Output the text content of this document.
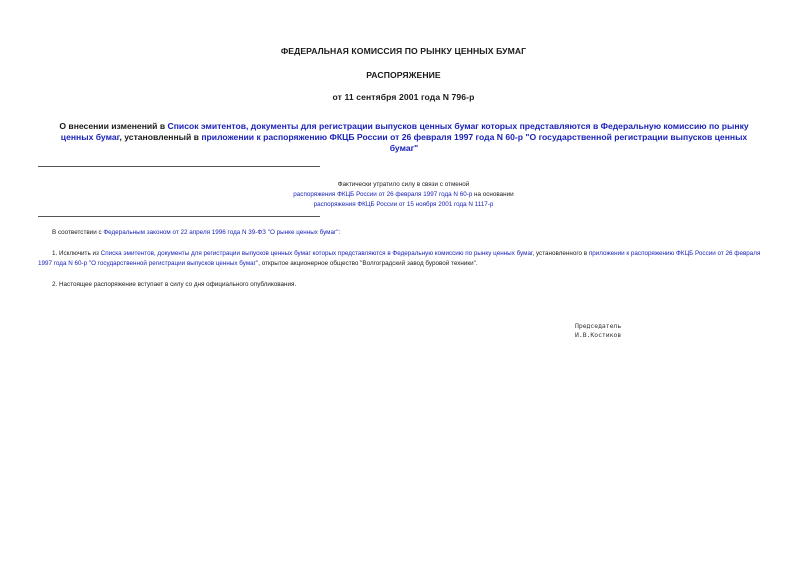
ФЕДЕРАЛЬНАЯ КОМИССИЯ ПО РЫНКУ ЦЕННЫХ БУМАГ
РАСПОРЯЖЕНИЕ
от 11 сентября 2001 года N 796-р
О внесении изменений в Список эмитентов, документы для регистрации выпусков ценных бумаг которых представляются в Федеральную комиссию по рынку ценных бумаг, установленный в приложении к распоряжению ФКЦБ России от 26 февраля 1997 года N 60-р "О государственной регистрации выпусков ценных бумаг"
Фактически утратило силу в связи с отменой
распоряжения ФКЦБ России от 26 февраля 1997 года N 60-р на основании
распоряжения ФКЦБ России от 15 ноября 2001 года N 1117-р
В соответствии с Федеральным законом от 22 апреля 1996 года N 39-ФЗ "О рынке ценных бумаг":
1. Исключить из Списка эмитентов, документы для регистрации выпусков ценных бумаг которых представляются в Федеральную комиссию по рынку ценных бумаг, установленного в приложении к распоряжению ФКЦБ России от 26 февраля 1997 года N 60-р "О государственной регистрации выпусков ценных бумаг", открытое акционерное общество "Волгоградский завод буровой техники".
2. Настоящее распоряжение вступает в силу со дня официального опубликования.
Председатель
И.В.Костиков
